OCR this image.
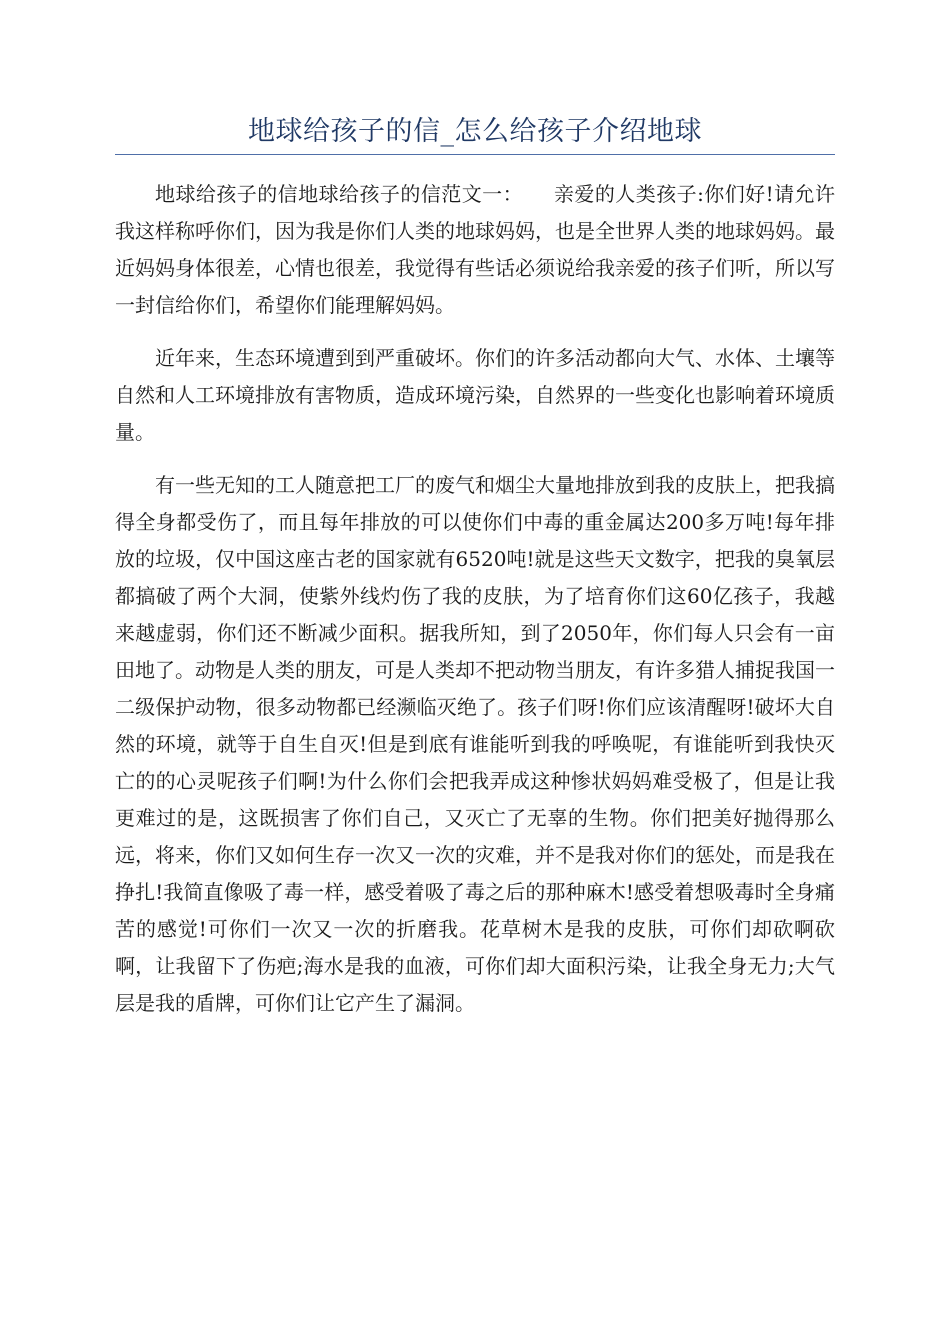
地球给孩子的信_怎么给孩子介绍地球

地球给孩子的信地球给孩子的信范文一：　　亲爱的人类孩子:你们好!请允许我这样称呼你们，因为我是你们人类的地球妈妈，也是全世界人类的地球妈妈。最近妈妈身体很差，心情也很差，我觉得有些话必须说给我亲爱的孩子们听，所以写一封信给你们，希望你们能理解妈妈。

近年来，生态环境遭到到严重破坏。你们的许多活动都向大气、水体、土壤等自然和人工环境排放有害物质，造成环境污染，自然界的一些变化也影响着环境质量。

有一些无知的工人随意把工厂的废气和烟尘大量地排放到我的皮肤上，把我搞得全身都受伤了，而且每年排放的可以使你们中毒的重金属达200多万吨!每年排放的垃圾，仅中国这座古老的国家就有6520吨!就是这些天文数字，把我的臭氧层都搞破了两个大洞，使紫外线灼伤了我的皮肤，为了培育你们这60亿孩子，我越来越虚弱，你们还不断减少面积。据我所知，到了2050年，你们每人只会有一亩田地了。动物是人类的朋友，可是人类却不把动物当朋友，有许多猎人捕捉我国一二级保护动物，很多动物都已经濒临灭绝了。孩子们呀!你们应该清醒呀!破坏大自然的环境，就等于自生自灭!但是到底有谁能听到我的呼唤呢，有谁能听到我快灭亡的的心灵呢孩子们啊!为什么你们会把我弄成这种惨状妈妈难受极了，但是让我更难过的是，这既损害了你们自己，又灭亡了无辜的生物。你们把美好抛得那么远，将来，你们又如何生存一次又一次的灾难，并不是我对你们的惩处，而是我在挣扎!我简直像吸了毒一样，感受着吸了毒之后的那种麻木!感受着想吸毒时全身痛苦的感觉!可你们一次又一次的折磨我。花草树木是我的皮肤，可你们却砍啊砍啊，让我留下了伤疤;海水是我的血液，可你们却大面积污染，让我全身无力;大气层是我的盾牌，可你们让它产生了漏洞。
